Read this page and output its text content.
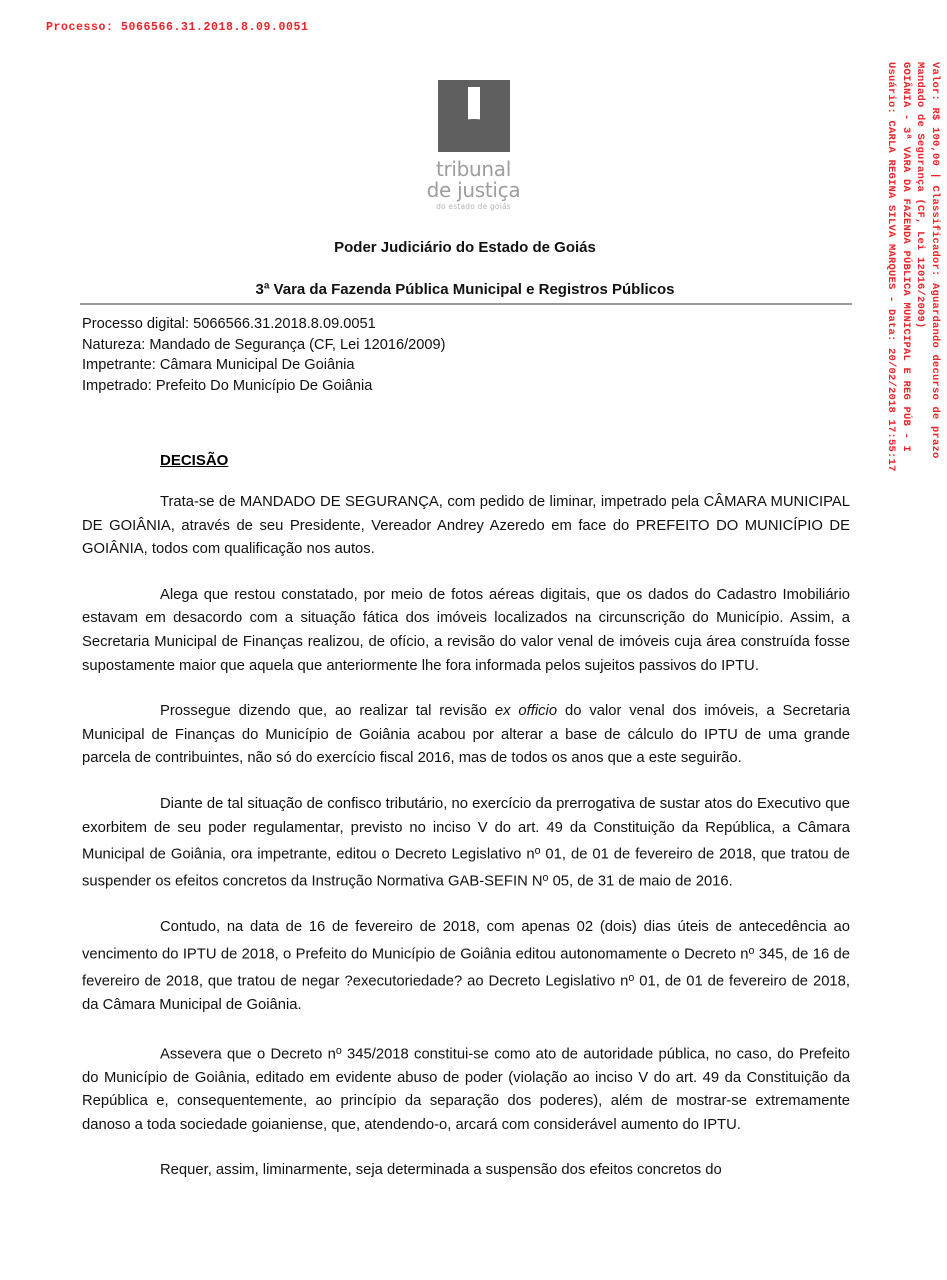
Processo: 5066566.31.2018.8.09.0051
Valor: R$ 100,00 | Classificador: Aguardando decurso de prazo
Mandado de Segurança (CF, Lei 12016/2009)
GOIÂNIA - 3ª VARA DA FAZENDA PÚBLICA MUNICIPAL E REG PÚB - I
Usuário: CARLA REGINA SILVA MARQUES - Data: 20/02/2018 17:55:17
tribunal
de justiça
do estado de goiás
Poder Judiciário do Estado de Goiás
3ª Vara da Fazenda Pública Municipal e Registros Públicos
Processo digital: 5066566.31.2018.8.09.0051
Natureza: Mandado de Segurança (CF, Lei 12016/2009)
Impetrante: Câmara Municipal De Goiânia
Impetrado: Prefeito Do Município De Goiânia
DECISÃO

Trata-se de MANDADO DE SEGURANÇA, com pedido de liminar, impetrado pela CÂMARA MUNICIPAL DE GOIÂNIA, através de seu Presidente, Vereador Andrey Azeredo em face do PREFEITO DO MUNICÍPIO DE GOIÂNIA, todos com qualificação nos autos.

Alega que restou constatado, por meio de fotos aéreas digitais, que os dados do Cadastro Imobiliário estavam em desacordo com a situação fática dos imóveis localizados na circunscrição do Município. Assim, a Secretaria Municipal de Finanças realizou, de ofício, a revisão do valor venal de imóveis cuja área construída fosse supostamente maior que aquela que anteriormente lhe fora informada pelos sujeitos passivos do IPTU.

Prossegue dizendo que, ao realizar tal revisão ex officio do valor venal dos imóveis, a Secretaria Municipal de Finanças do Município de Goiânia acabou por alterar a base de cálculo do IPTU de uma grande parcela de contribuintes, não só do exercício fiscal 2016, mas de todos os anos que a este seguirão.

Diante de tal situação de confisco tributário, no exercício da prerrogativa de sustar atos do Executivo que exorbitem de seu poder regulamentar, previsto no inciso V do art. 49 da Constituição da República, a Câmara Municipal de Goiânia, ora impetrante, editou o Decreto Legislativo $n^o$ 01, de 01 de fevereiro de 2018, que tratou de suspender os efeitos concretos da Instrução Normativa GAB-SEFIN $N^o$ 05, de 31 de maio de 2016.

Contudo, na data de 16 de fevereiro de 2018, com apenas 02 (dois) dias úteis de antecedência ao vencimento do IPTU de 2018, o Prefeito do Município de Goiânia editou autonomamente o Decreto $n^o$ 345, de 16 de fevereiro de 2018, que tratou de negar ?executoriedade? ao Decreto Legislativo $n^o$ 01, de 01 de fevereiro de 2018, da Câmara Municipal de Goiânia.

Assevera que o Decreto $n^o$ 345/2018 constitui-se como ato de autoridade pública, no caso, do Prefeito do Município de Goiânia, editado em evidente abuso de poder (violação ao inciso V do art. 49 da Constituição da República e, consequentemente, ao princípio da separação dos poderes), além de mostrar-se extremamente danoso a toda sociedade goianiense, que, atendendo-o, arcará com considerável aumento do IPTU.

Requer, assim, liminarmente, seja determinada a suspensão dos efeitos concretos do
